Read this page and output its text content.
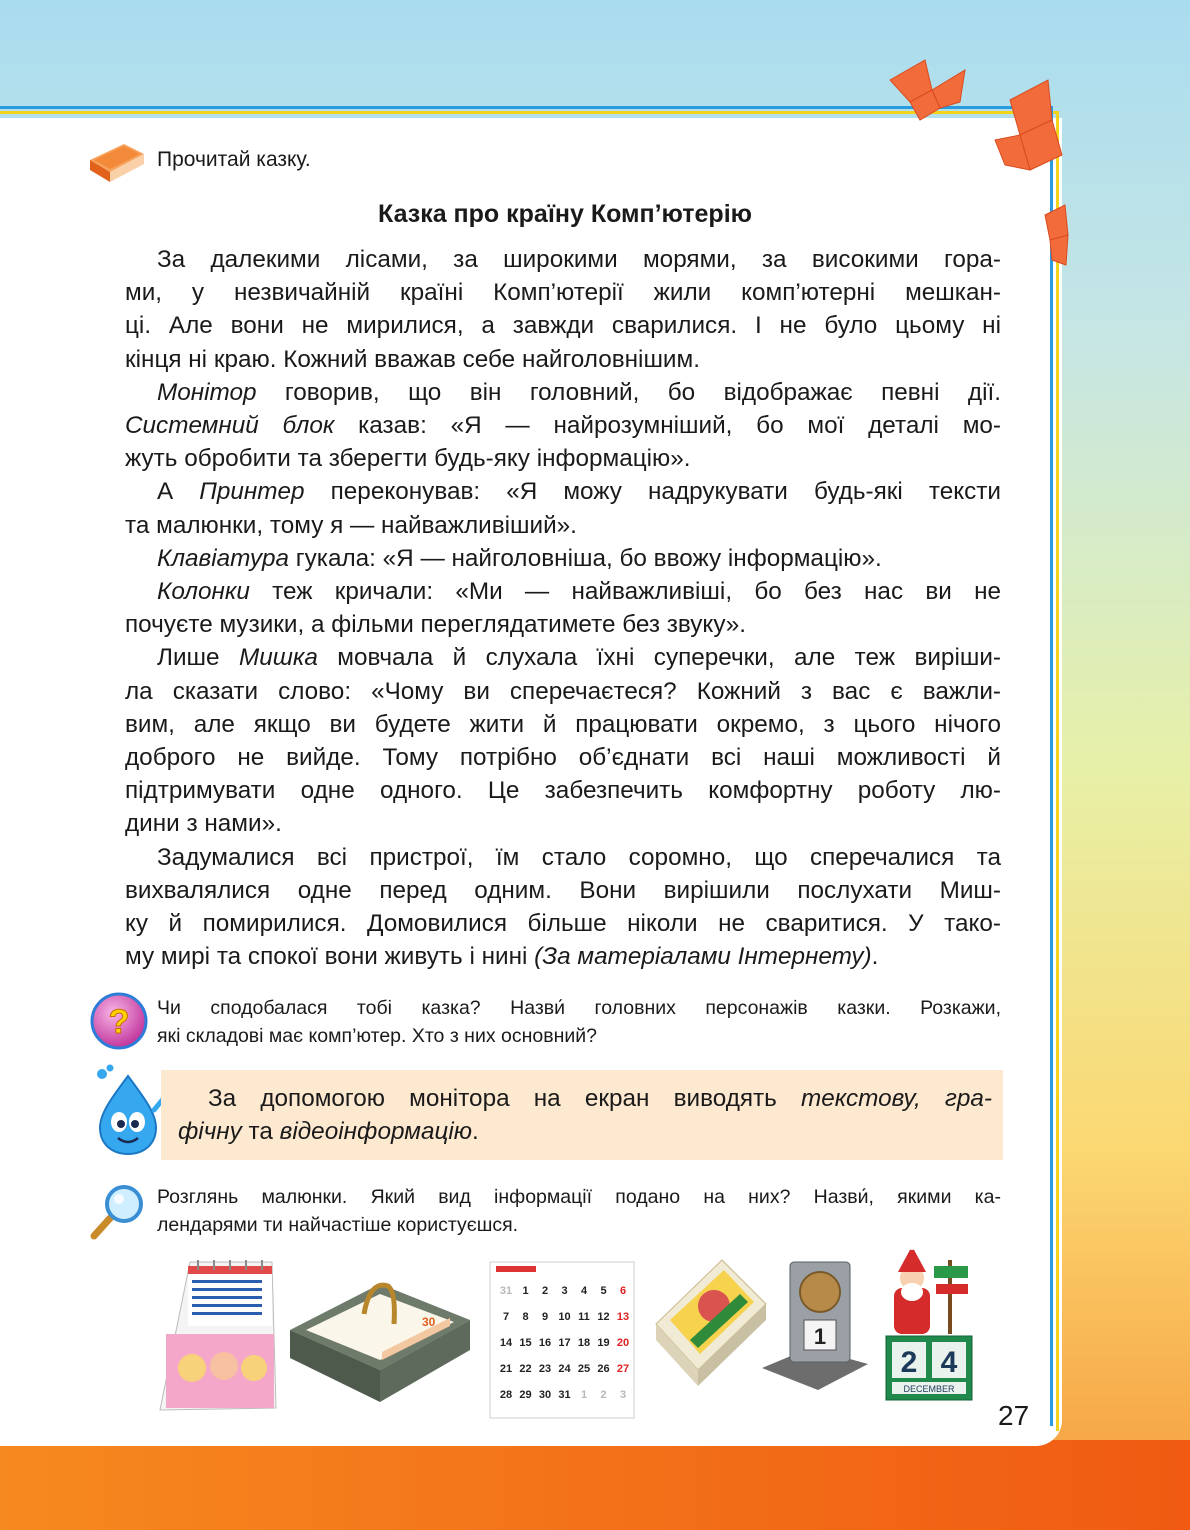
Прочитай казку.
Казка про країну Комп’ютерію
За далекими лісами, за широкими морями, за високими гора-
ми, у незвичайній країні Комп’ютерії жили комп’ютерні мешкан-
ці. Але вони не мирилися, а завжди сварилися. І не було цьому ні
кінця ні краю. Кожний вважав себе найголовнішим.
Монітор говорив, що він головний, бо відображає певні дії.
Системний блок казав: «Я — найрозумніший, бо мої деталі мо-
жуть обробити та зберегти будь-яку інформацію».
А Принтер переконував: «Я можу надрукувати будь-які тексти
та малюнки, тому я — найважливіший».
Клавіатура гукала: «Я — найголовніша, бо ввожу інформацію».
Колонки теж кричали: «Ми — найважливіші, бо без нас ви не
почуєте музики, а фільми переглядатимете без звуку».
Лише Мишка мовчала й слухала їхні суперечки, але теж виріши-
ла сказати слово: «Чому ви сперечаєтеся? Кожний з вас є важли-
вим, але якщо ви будете жити й працювати окремо, з цього нічого
доброго не вийде. Тому потрібно об’єднати всі наші можливості й
підтримувати одне одного. Це забезпечить комфортну роботу лю-
дини з нами».
Задумалися всі пристрої, їм стало соромно, що сперечалися та
вихвалялися одне перед одним. Вони вирішили послухати Миш-
ку й помирилися. Домовилися більше ніколи не сваритися. У тако-
му мирі та спокої вони живуть і нині (За матеріалами Інтернету).
? Чи сподобалася тобі казка? Назви́ головних персонажів казки. Розкажи,
які складові має комп’ютер. Хто з них основний?
За допомогою монітора на екран виводять текстову, гра-
фічну та відеоінформацію.
Розглянь малюнки. Який вид інформації подано на них? Назви́, якими ка-
лендарями ти найчастіше користуєшся.
30
31 1 2 3 4 5 6
7 8 9 10 11 12 13
14 15 16 17 18 19 20
21 22 23 24 25 26 27
28 29 30 31 1 2 3
1
2 4
DECEMBER
27
